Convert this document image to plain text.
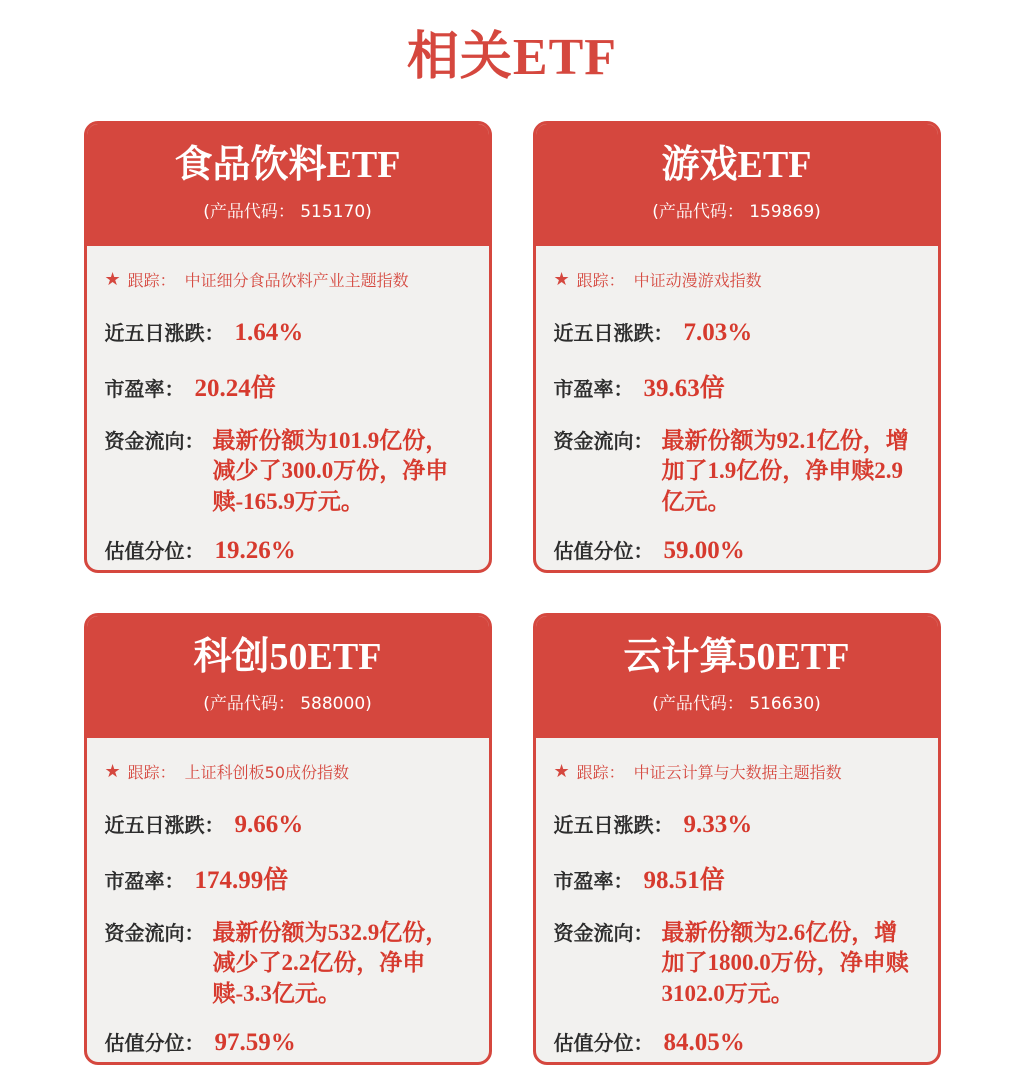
相关ETF
食品饮料ETF
(产品代码： 515170)
★ 跟踪： 中证细分食品饮料产业主题指数
近五日涨跌： 1.64%
市盈率： 20.24倍
资金流向： 最新份额为101.9亿份，减少了300.0万份，净申赎-165.9万元。
估值分位： 19.26%
游戏ETF
(产品代码： 159869)
★ 跟踪： 中证动漫游戏指数
近五日涨跌： 7.03%
市盈率： 39.63倍
资金流向： 最新份额为92.1亿份，增加了1.9亿份，净申赎2.9亿元。
估值分位： 59.00%
科创50ETF
(产品代码： 588000)
★ 跟踪： 上证科创板50成份指数
近五日涨跌： 9.66%
市盈率： 174.99倍
资金流向： 最新份额为532.9亿份，减少了2.2亿份，净申赎-3.3亿元。
估值分位： 97.59%
云计算50ETF
(产品代码： 516630)
★ 跟踪： 中证云计算与大数据主题指数
近五日涨跌： 9.33%
市盈率： 98.51倍
资金流向： 最新份额为2.6亿份，增加了1800.0万份，净申赎3102.0万元。
估值分位： 84.05%
